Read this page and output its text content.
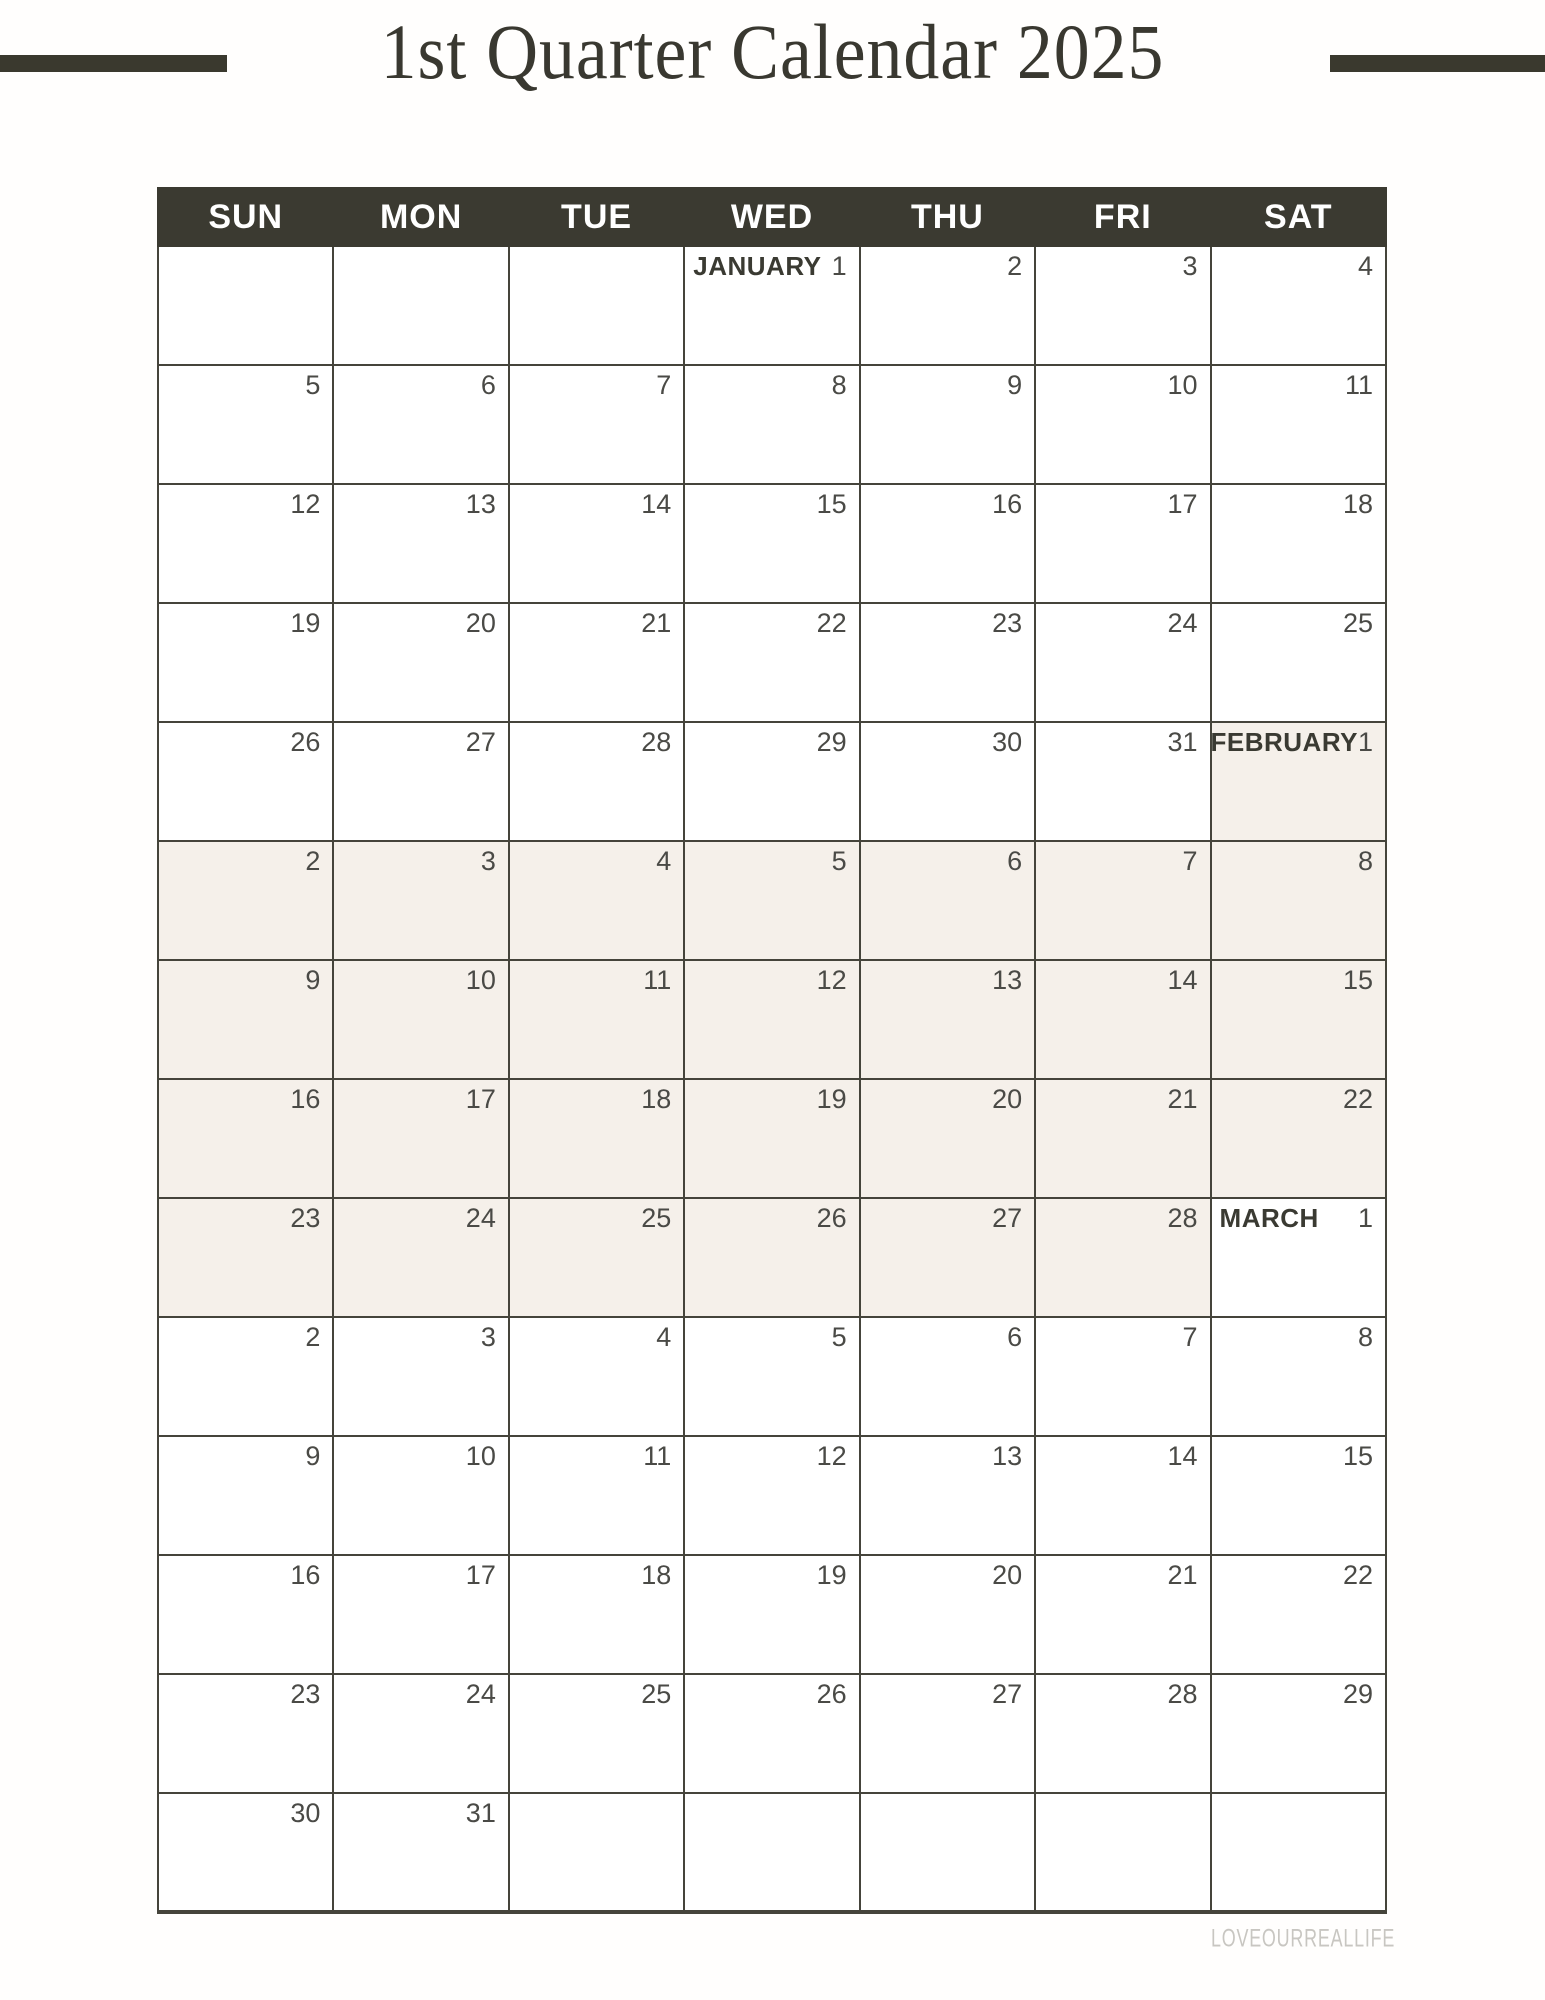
1st Quarter Calendar 2025
SUN	MON	TUE	WED	THU	FRI	SAT

			JANUARY 1	2	3	4

5	6	7	8	9	10	11

12	13	14	15	16	17	18

19	20	21	22	23	24	25

26	27	28	29	30	31	FEBRUARY 1

2	3	4	5	6	7	8

9	10	11	12	13	14	15

16	17	18	19	20	21	22

23	24	25	26	27	28	MARCH 1

2	3	4	5	6	7	8

9	10	11	12	13	14	15

16	17	18	19	20	21	22

23	24	25	26	27	28	29

30	31					

LOVEOURREALLIFE
